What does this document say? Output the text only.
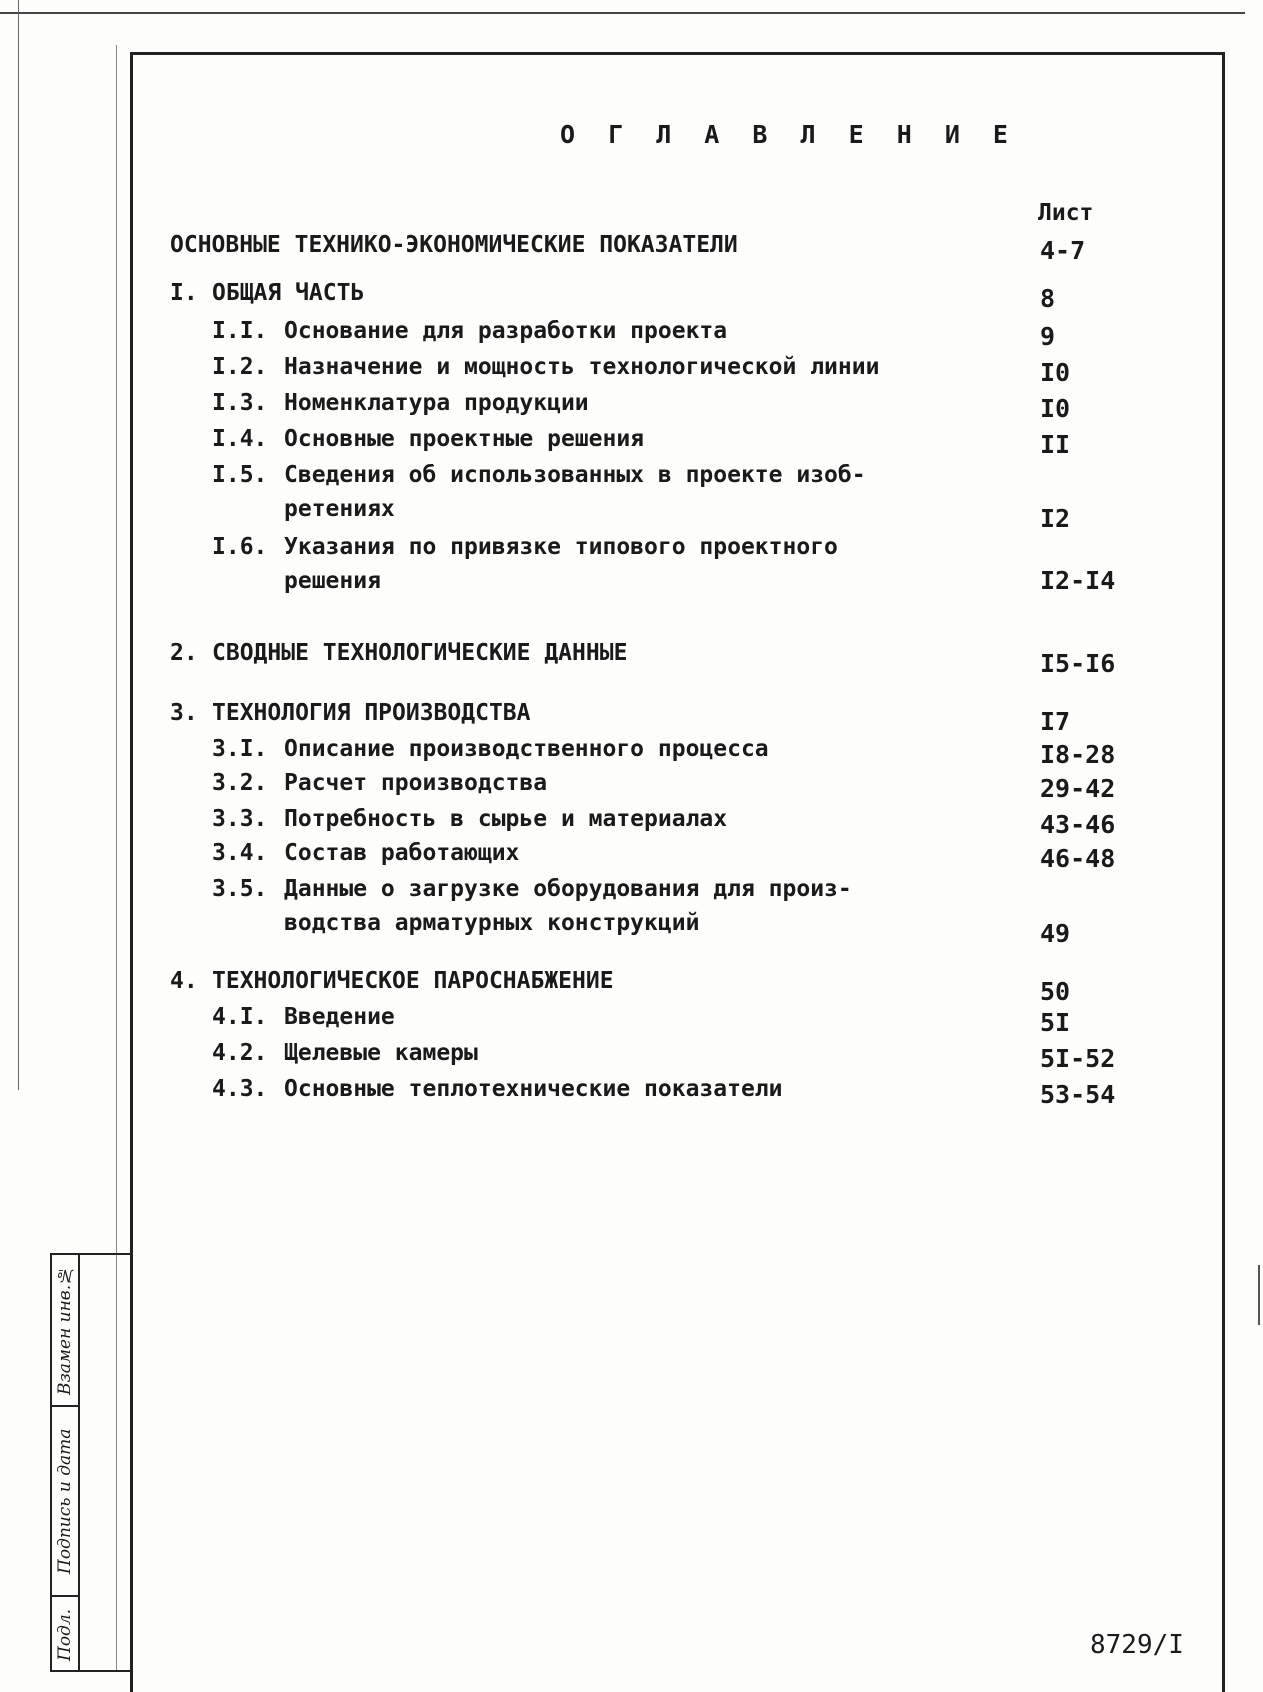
Взамен инв.№
Подпись и дата
Подл.
О Г Л А В Л Е Н И Е
Лист
ОСНОВНЫЕ ТЕХНИКО-ЭКОНОМИЧЕСКИЕ ПОКАЗАТЕЛИ	4-7
I. ОБЩАЯ ЧАСТЬ	8
I.I. Основание для разработки проекта	9
I.2. Назначение и мощность технологической линии	I0
I.3. Номенклатура продукции	I0
I.4. Основные проектные решения	II
I.5. Сведения об использованных в проекте изоб-
ретениях	I2
I.6. Указания по привязке типового проектного
решения	I2-I4
2. СВОДНЫЕ ТЕХНОЛОГИЧЕСКИЕ ДАННЫЕ	I5-I6
3. ТЕХНОЛОГИЯ ПРОИЗВОДСТВА	I7
3.I. Описание производственного процесса	I8-28
3.2. Расчет производства	29-42
3.3. Потребность в сырье и материалах	43-46
3.4. Состав работающих	46-48
3.5. Данные о загрузке оборудования для произ-
водства арматурных конструкций	49
4. ТЕХНОЛОГИЧЕСКОЕ ПАРОСНАБЖЕНИЕ	50
4.I. Введение	5I
4.2. Щелевые камеры	5I-52
4.3. Основные теплотехнические показатели	53-54
8729/I
